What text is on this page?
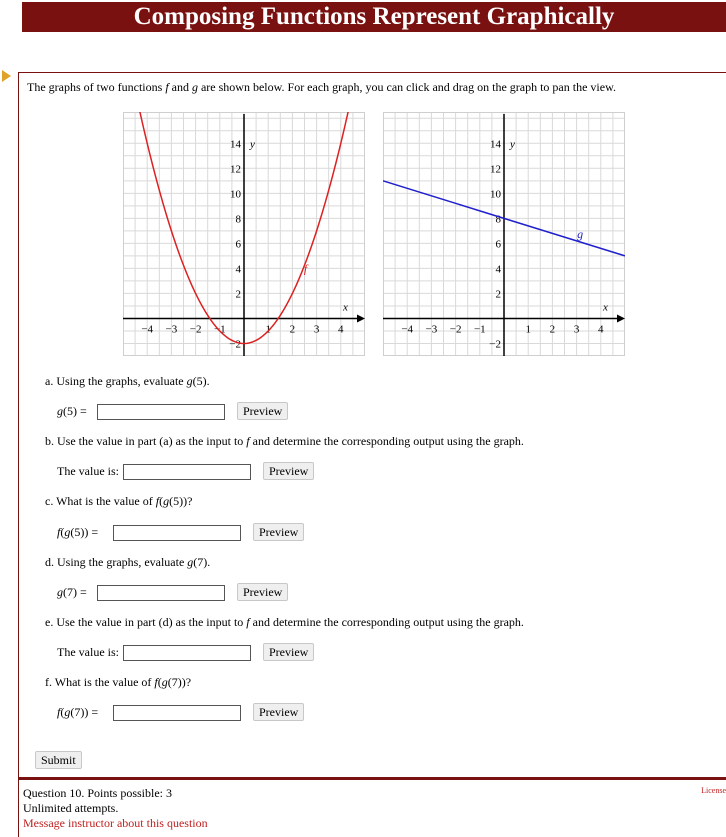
Composing Functions Represent Graphically
The graphs of two functions f and g are shown below. For each graph, you can click and drag on the graph to pan the view.
−4 −3 −2 −1	1 2 3 4
−2
2
4
6
8
10
12
14
x
y
f
−4 −3 −2 −1	1 2 3 4
−2
2
4
6
8
10
12
14
x
y
g
a. Using the graphs, evaluate g(5).
g(5) =	Preview
b. Use the value in part (a) as the input to f and determine the corresponding output using the graph.
The value is:	Preview
c. What is the value of f(g(5))?
f(g(5)) =	Preview
d. Using the graphs, evaluate g(7).
g(7) =	Preview
e. Use the value in part (d) as the input to f and determine the corresponding output using the graph.
The value is:	Preview
f. What is the value of f(g(7))?
f(g(7)) =	Preview
Submit
Question 10. Points possible: 3
Unlimited attempts.
Message instructor about this question
License
